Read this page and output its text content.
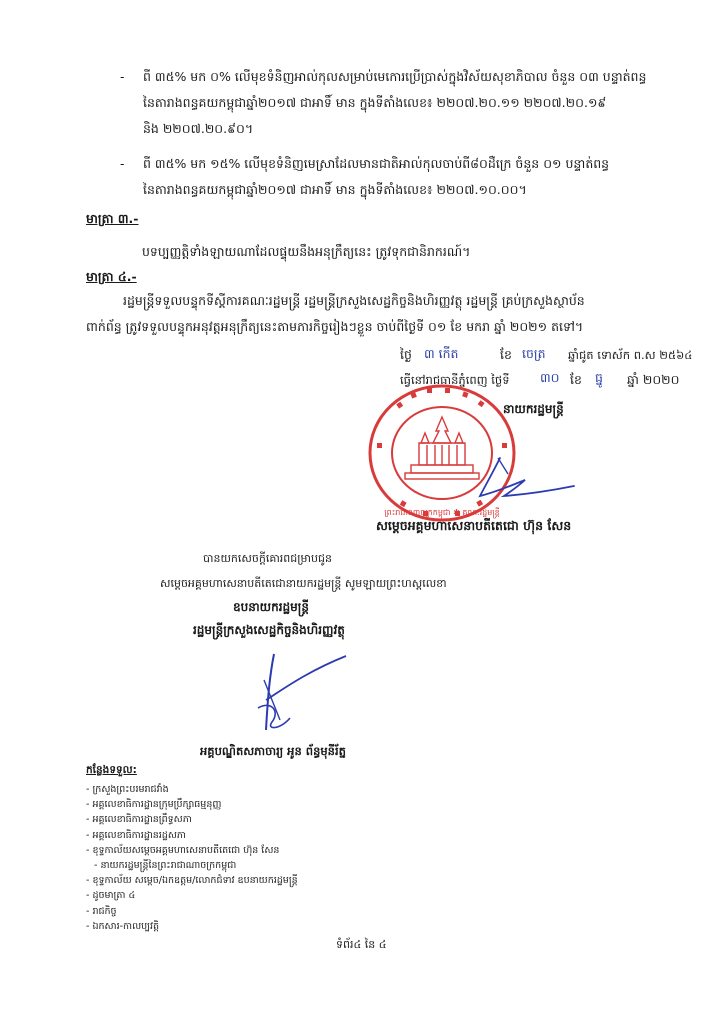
- ពី ៣៥% មក ០% លើមុខទំនិញអាល់កុលសម្រាប់មេកោរប្រើប្រាស់ក្នុងវិស័យសុខាភិបាល ចំនួន ០៣ បន្ទាត់ពន្ធ
នៃតារាងពន្ធគយកម្ពុជាឆ្នាំ២០១៧ ជាអាទិ៍ មាន ក្នុងទីតាំងលេខ៖ ២២០៧.២០.១១ ២២០៧.២០.១៩
និង ២២០៧.២០.៩០។
- ពី ៣៥% មក ១៥% លើមុខទំនិញមេស្រាដែលមានជាតិអាល់កុលចាប់ពី៨០ដឺក្រេ ចំនួន ០១ បន្ទាត់ពន្ធ
នៃតារាងពន្ធគយកម្ពុជាឆ្នាំ២០១៧ ជាអាទិ៍ មាន ក្នុងទីតាំងលេខ៖ ២២០៧.១០.០០។
មាត្រា ៣.-
បទប្បញ្ញត្តិទាំងឡាយណាដែលផ្ទុយនឹងអនុក្រឹត្យនេះ ត្រូវទុកជានិរាករណ៍។
មាត្រា ៤.-
រដ្ឋមន្ត្រីទទួលបន្ទុកទីស្តីការគណៈរដ្ឋមន្ត្រី រដ្ឋមន្ត្រីក្រសួងសេដ្ឋកិច្ចនិងហិរញ្ញវត្ថុ រដ្ឋមន្ត្រី គ្រប់ក្រសួងស្ថាប័ន
ពាក់ព័ន្ធ ត្រូវទទួលបន្ទុកអនុវត្តអនុក្រឹត្យនេះតាមភារកិច្ចរៀងៗខ្លួន ចាប់ពីថ្ងៃទី ០១ ខែ មករា ឆ្នាំ ២០២១ តទៅ។
ថ្ងៃ ៣ កើត	ខែ ចេត្រ ឆ្នាំជូត ទោស័ក ព.ស ២៥៦៤
ធ្វើនៅរាជធានីភ្នំពេញ ថ្ងៃទី ៣០ ខែ ធ្នូ ឆ្នាំ ២០២០
ព្រះរាជាណាចក្រកម្ពុជា ✱ គណៈរដ្ឋមន្ត្រី
នាយករដ្ឋមន្ត្រី
សម្តេចអគ្គមហាសេនាបតីតេជោ ហ៊ុន សែន
បានយកសេចក្តីគោរពជម្រាបជូន
សម្តេចអគ្គមហាសេនាបតីតេជោនាយករដ្ឋមន្ត្រី សូមឡាយព្រះហស្តលេខា
ឧបនាយករដ្ឋមន្ត្រី
រដ្ឋមន្ត្រីក្រសួងសេដ្ឋកិច្ចនិងហិរញ្ញវត្ថុ
អគ្គបណ្ឌិតសភាចារ្យ អូន ព័ន្ធមុនីរ័ត្ន
កន្លែងទទួល:
- ក្រសួងព្រះបរមរាជវាំង
- អគ្គលេខាធិការដ្ឋានក្រុមប្រឹក្សាធម្មនុញ្ញ
- អគ្គលេខាធិការដ្ឋានព្រឹទ្ធសភា
- អគ្គលេខាធិការដ្ឋានរដ្ឋសភា
- ខុទ្ទកាល័យសម្តេចអគ្គមហាសេនាបតីតេជោ ហ៊ុន សែន
- នាយករដ្ឋមន្ត្រីនៃព្រះរាជាណាចក្រកម្ពុជា
- ខុទ្ទកាល័យ សម្តេច/ឯកឧត្តម/លោកជំទាវ ឧបនាយករដ្ឋមន្ត្រី
- ដូចមាត្រា ៤
- រាជកិច្ច
- ឯកសារ-កាលប្បវត្តិ
ទំព័រ៤ នៃ ៤
